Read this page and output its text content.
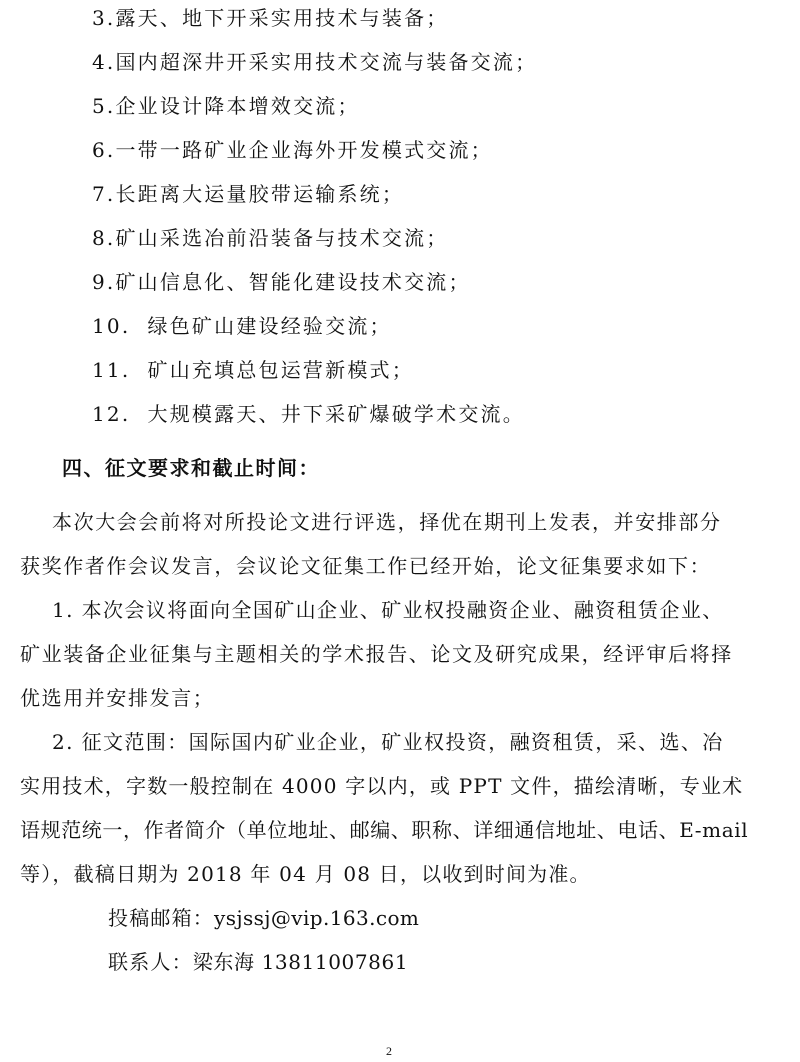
3.露天、地下开采实用技术与装备；
4.国内超深井开采实用技术交流与装备交流；
5.企业设计降本增效交流；
6.一带一路矿业企业海外开发模式交流；
7.长距离大运量胶带运输系统；
8.矿山采选冶前沿装备与技术交流；
9.矿山信息化、智能化建设技术交流；
10.  绿色矿山建设经验交流；
11.  矿山充填总包运营新模式；
12.  大规模露天、井下采矿爆破学术交流。
四、征文要求和截止时间：
本次大会会前将对所投论文进行评选，择优在期刊上发表，并安排部分
获奖作者作会议发言，会议论文征集工作已经开始，论文征集要求如下：
1. 本次会议将面向全国矿山企业、矿业权投融资企业、融资租赁企业、
矿业装备企业征集与主题相关的学术报告、论文及研究成果，经评审后将择
优选用并安排发言；
2. 征文范围：国际国内矿业企业，矿业权投资，融资租赁，采、选、冶
实用技术，字数一般控制在 4000 字以内，或 PPT 文件，描绘清晰，专业术
语规范统一，作者简介（单位地址、邮编、职称、详细通信地址、电话、E-mail
等），截稿日期为 2018 年 04 月 08 日，以收到时间为准。
投稿邮箱：ysjssj@vip.163.com
联系人：梁东海 13811007861
2
